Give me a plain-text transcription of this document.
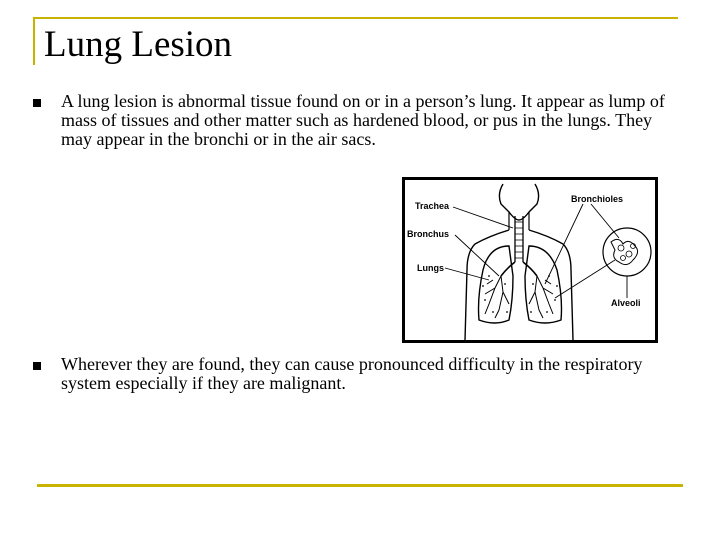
Lung Lesion
A lung lesion is abnormal tissue found on or in a person’s lung. It appear as lump of mass of tissues and other matter such as hardened blood, or pus in the lungs. They may appear in the bronchi or in the air sacs.
Trachea
Bronchus
Lungs
Bronchioles
Alveoli
Wherever they are found, they can cause pronounced difficulty in the respiratory system especially if they are malignant.
